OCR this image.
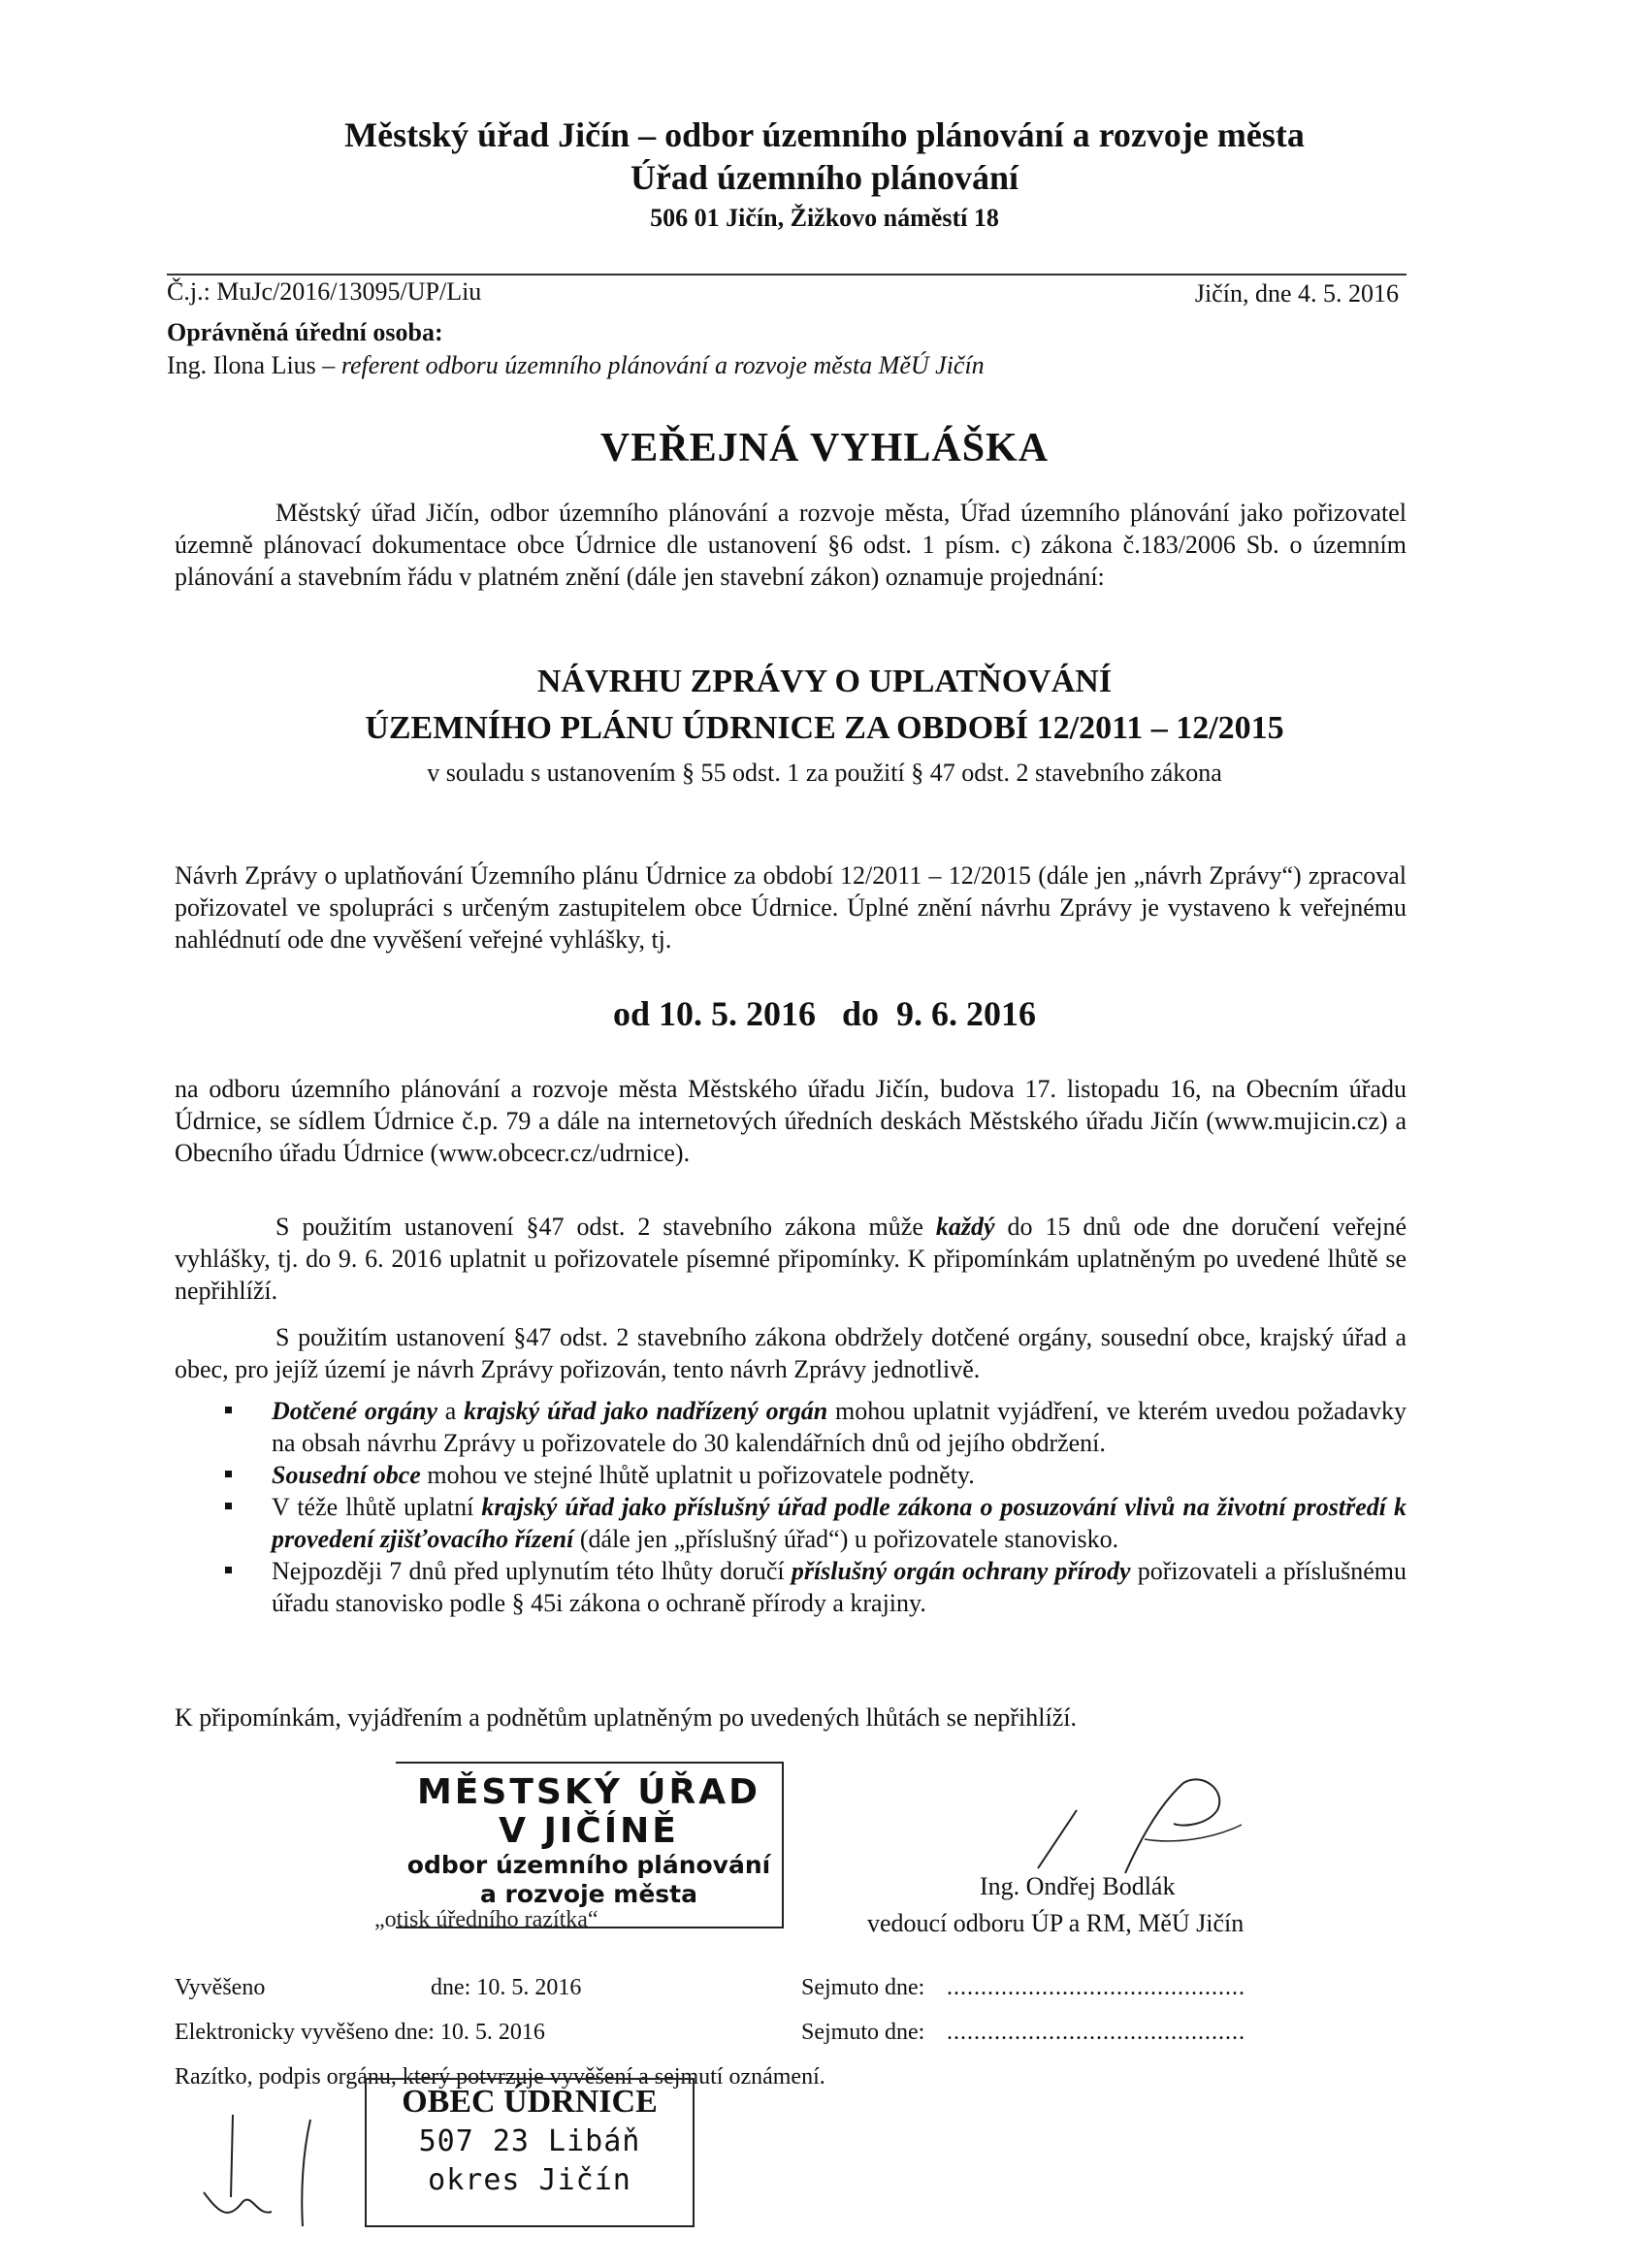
Městský úřad Jičín – odbor územního plánování a rozvoje města
Úřad územního plánování
506 01 Jičín, Žižkovo náměstí 18
Č.j.: MuJc/2016/13095/UP/Liu	Jičín, dne 4. 5. 2016
Oprávněná úřední osoba:
Ing. Ilona Lius – referent odboru územního plánování a rozvoje města MěÚ Jičín
VEŘEJNÁ VYHLÁŠKA
Městský úřad Jičín, odbor územního plánování a rozvoje města, Úřad územního plánování jako pořizovatel územně plánovací dokumentace obce Údrnice dle ustanovení §6 odst. 1 písm. c) zákona č.183/2006 Sb. o územním plánování a stavebním řádu v platném znění (dále jen stavební zákon) oznamuje projednání:
NÁVRHU ZPRÁVY O UPLATŇOVÁNÍ
ÚZEMNÍHO PLÁNU ÚDRNICE ZA OBDOBÍ 12/2011 – 12/2015
v souladu s ustanovením § 55 odst. 1 za použití § 47 odst. 2 stavebního zákona
Návrh Zprávy o uplatňování Územního plánu Údrnice za období 12/2011 – 12/2015 (dále jen „návrh Zprávy“) zpracoval pořizovatel ve spolupráci s určeným zastupitelem obce Údrnice. Úplné znění návrhu Zprávy je vystaveno k veřejnému nahlédnutí ode dne vyvěšení veřejné vyhlášky, tj.
od 10. 5. 2016   do  9. 6. 2016
na odboru územního plánování a rozvoje města Městského úřadu Jičín, budova 17. listopadu 16, na Obecním úřadu Údrnice, se sídlem Údrnice č.p. 79 a dále na internetových úředních deskách Městského úřadu Jičín (www.mujicin.cz) a Obecního úřadu Údrnice (www.obcecr.cz/udrnice).
S použitím ustanovení §47 odst. 2 stavebního zákona může každý do 15 dnů ode dne doručení veřejné vyhlášky, tj. do 9. 6. 2016 uplatnit u pořizovatele písemné připomínky. K připomínkám uplatněným po uvedené lhůtě se nepřihlíží.
S použitím ustanovení §47 odst. 2 stavebního zákona obdržely dotčené orgány, sousední obce, krajský úřad a obec, pro jejíž území je návrh Zprávy pořizován, tento návrh Zprávy jednotlivě.
Dotčené orgány a krajský úřad jako nadřízený orgán mohou uplatnit vyjádření, ve kterém uvedou požadavky na obsah návrhu Zprávy u pořizovatele do 30 kalendářních dnů od jejího obdržení.
Sousední obce mohou ve stejné lhůtě uplatnit u pořizovatele podněty.
V téže lhůtě uplatní krajský úřad jako příslušný úřad podle zákona o posuzování vlivů na životní prostředí k provedení zjišťovacího řízení (dále jen „příslušný úřad“) u pořizovatele stanovisko.
Nejpozději 7 dnů před uplynutím této lhůty doručí příslušný orgán ochrany přírody pořizovateli a příslušnému úřadu stanovisko podle § 45i zákona o ochraně přírody a krajiny.
K připomínkám, vyjádřením a podnětům uplatněným po uvedených lhůtách se nepřihlíží.
MĚSTSKÝ ÚŘAD
V JIČÍNĚ
odbor územního plánování
a rozvoje města
„otisk úředního razítka“
Ing. Ondřej Bodlák
vedoucí odboru ÚP a RM, MěÚ Jičín
Vyvěšeno	dne: 10. 5. 2016	Sejmuto dne: ............................................
Elektronicky vyvěšeno dne: 10. 5. 2016	Sejmuto dne: ............................................
Razítko, podpis orgánu, který potvrzuje vyvěšení a sejmutí oznámení.
OBEC ÚDRNICE
507 23 Libáň
okres Jičín
